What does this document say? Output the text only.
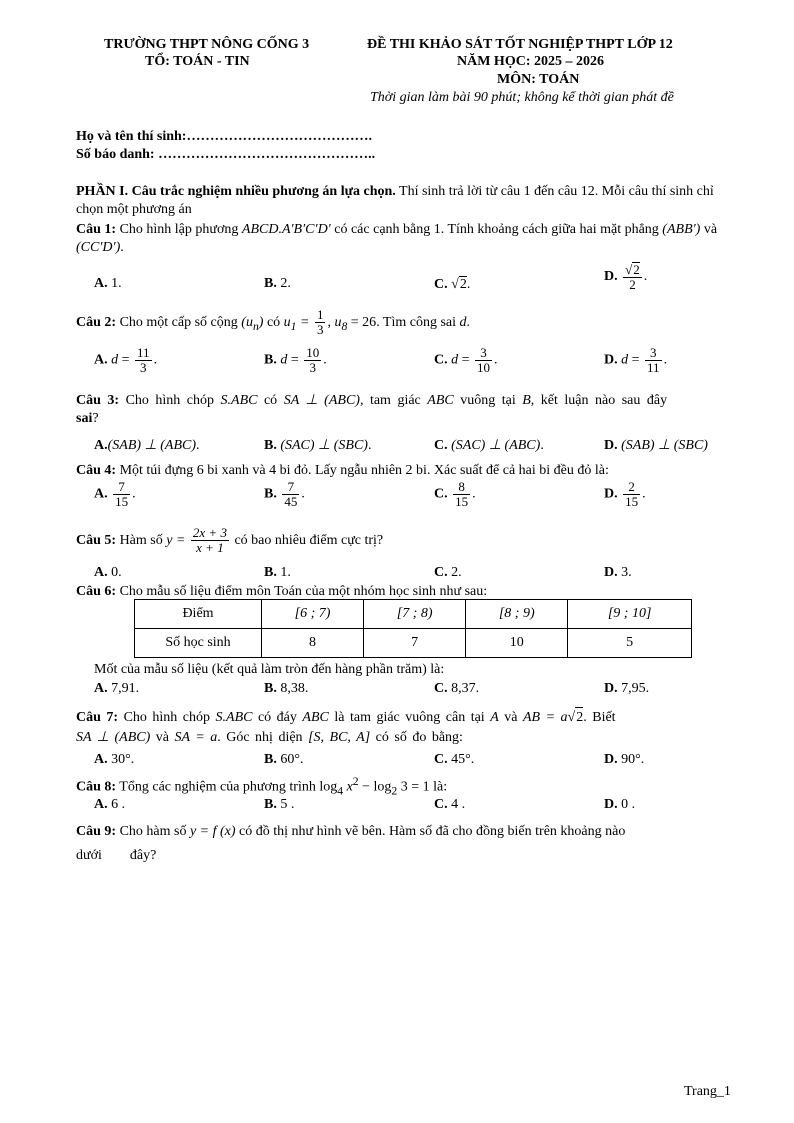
TRƯỜNG THPT NÔNG CỐNG 3
TỔ: TOÁN - TIN
ĐỀ THI KHẢO SÁT TỐT NGHIỆP THPT LỚP 12
NĂM HỌC: 2025 – 2026
MÔN: TOÁN
Thời gian làm bài 90 phút; không kể thời gian phát đề
Họ và tên thí sinh:………………………………….
Số báo danh: ………………………………………..
PHẦN I. Câu trắc nghiệm nhiều phương án lựa chọn. Thí sinh trả lời từ câu 1 đến câu 12. Mỗi câu thí sinh chỉ chọn một phương án
Câu 1: Cho hình lập phương ABCD.A′B′C′D′ có các cạnh bằng 1. Tính khoảng cách giữa hai mặt phẳng (ABB′) và (CC′D′).
A. 1.	B. 2.	C. √2.
D. $\frac{√2}{2}$ .
Câu 2: Cho một cấp số cộng $(u_n)$ có $u_1 = \frac{1}{3}$ , $u_8 = 26$. Tìm công sai d.
A. $d = \frac{11}{3}$ .	B. $d = \frac{10}{3}$ .	C. $d = \frac{3}{10}$ .	D. $d = \frac{3}{11}$ .
Câu 3: Cho hình chóp S.ABC có SA ⊥ (ABC), tam giác ABC vuông tại B, kết luận nào sau đây
sai?
A.(SAB) ⊥ (ABC).	B. (SAC) ⊥ (SBC).	C. (SAC) ⊥ (ABC).	D. (SAB) ⊥ (SBC)
Câu 4: Một túi đựng 6 bi xanh và 4 bi đỏ. Lấy ngẫu nhiên 2 bi. Xác suất để cả hai bi đều đỏ là:
A. $\frac{7}{15}$ .	B. $\frac{7}{45}$ .	C. $\frac{8}{15}$ .	D. $\frac{2}{15}$ .
Câu 5: Hàm số $y = \frac{2x + 3}{x + 1}$ có bao nhiêu điểm cực trị?
A. 0.	B. 1.	C. 2.	D. 3.
Câu 6: Cho mẫu số liệu điểm môn Toán của một nhóm học sinh như sau:
Điểm	[6 ; 7)	[7 ; 8)	[8 ; 9)	[9 ; 10]
Số học sinh	8	7	10	5
Mốt của mẫu số liệu (kết quả làm tròn đến hàng phần trăm) là:
A. 7,91.	B. 8,38.	C. 8,37.	D. 7,95.
Câu 7: Cho hình chóp S.ABC có đáy ABC là tam giác vuông cân tại A và AB = a√2. Biết
SA ⊥ (ABC) và SA = a. Góc nhị diện [S, BC, A] có số đo bằng:
A. 30°.	B. 60°.	C. 45°.	D. 90°.
Câu 8: Tổng các nghiệm của phương trình $\log_4 x^2 - \log_2 3 = 1$ là:
A. 6 .	B. 5 .	C. 4 .	D. 0 .
Câu 9: Cho hàm số y = f (x) có đồ thị như hình vẽ bên. Hàm số đã cho đồng biến trên khoảng nào
dưới        đây?
Trang_1
